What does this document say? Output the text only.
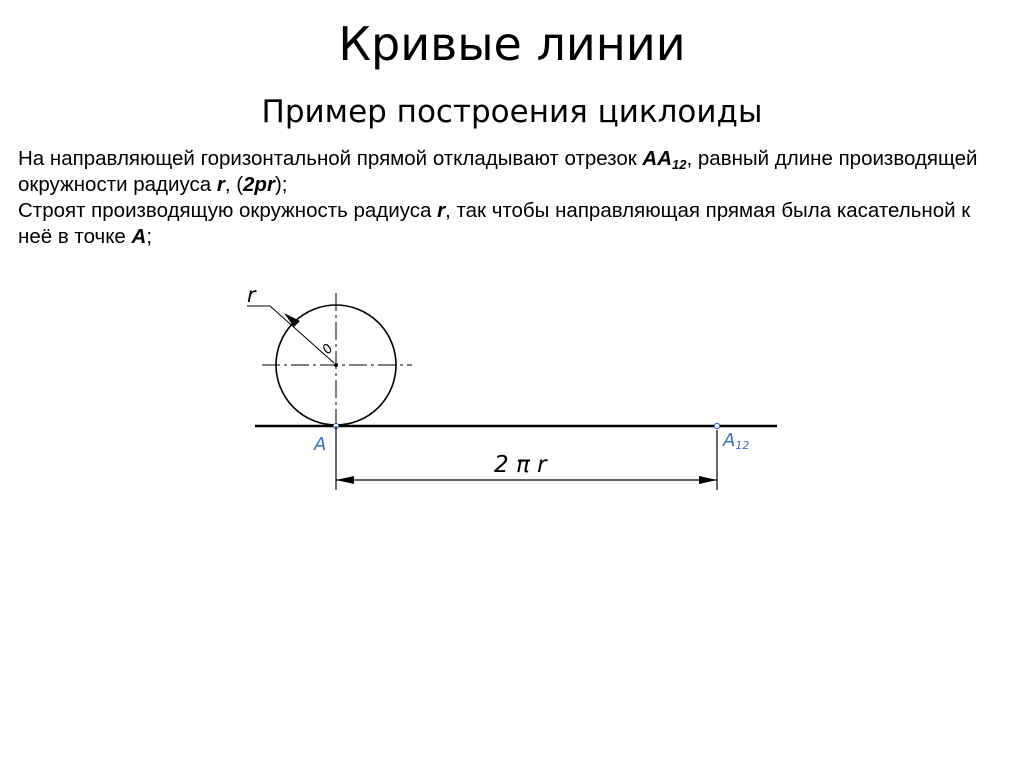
Кривые линии
Пример построения циклоиды

На направляющей горизонтальной прямой откладывают отрезок $AA_{12}$, равный длине производящей окружности радиуса r, (2pr);

Строят производящую окружность радиуса r, так чтобы направляющая прямая была касательной к неё в точке A;

r
0
A	A12
2 π r
